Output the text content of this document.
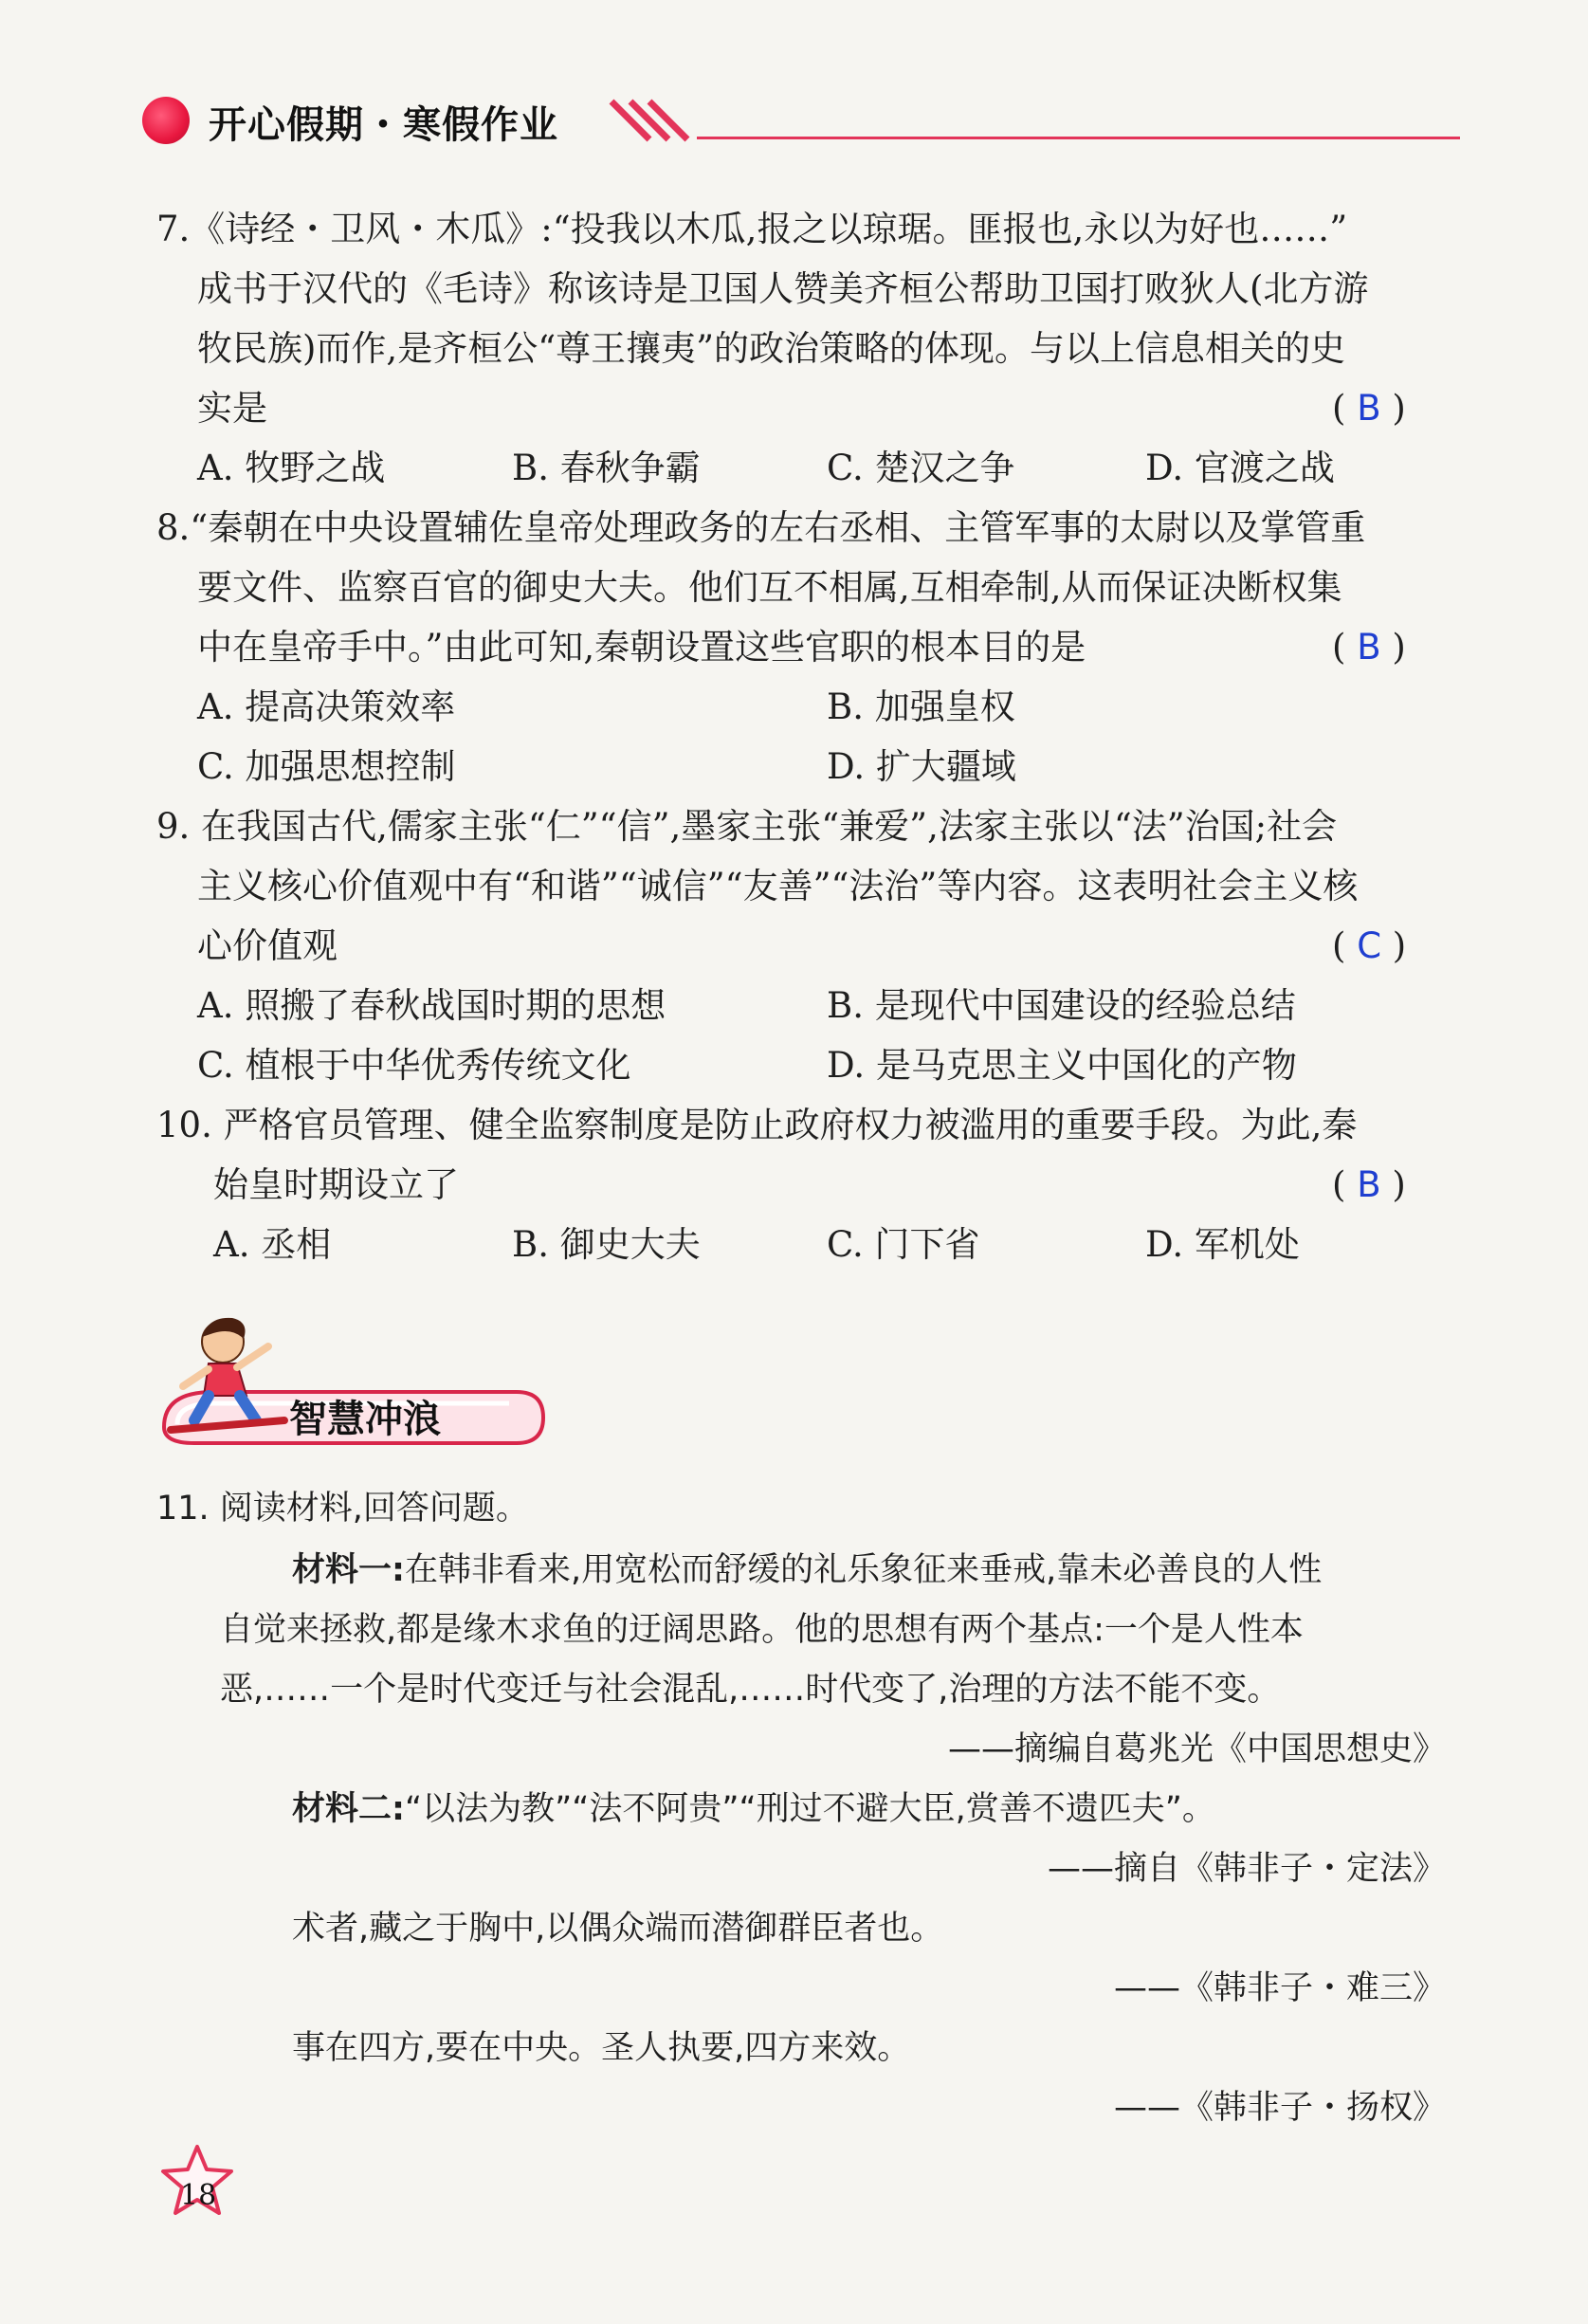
开心假期・寒假作业
7.《诗经・卫风・木瓜》:“投我以木瓜,报之以琼琚。匪报也,永以为好也……”
成书于汉代的《毛诗》称该诗是卫国人赞美齐桓公帮助卫国打败狄人(北方游
牧民族)而作,是齐桓公“尊王攘夷”的政治策略的体现。与以上信息相关的史
实是	( B )
A. 牧野之战	B. 春秋争霸	C. 楚汉之争	D. 官渡之战
8.“秦朝在中央设置辅佐皇帝处理政务的左右丞相、主管军事的太尉以及掌管重
要文件、监察百官的御史大夫。他们互不相属,互相牵制,从而保证决断权集
中在皇帝手中。”由此可知,秦朝设置这些官职的根本目的是	( B )
A. 提高决策效率	B. 加强皇权
C. 加强思想控制	D. 扩大疆域
9. 在我国古代,儒家主张“仁”“信”,墨家主张“兼爱”,法家主张以“法”治国;社会
主义核心价值观中有“和谐”“诚信”“友善”“法治”等内容。这表明社会主义核
心价值观	( C )
A. 照搬了春秋战国时期的思想	B. 是现代中国建设的经验总结
C. 植根于中华优秀传统文化	D. 是马克思主义中国化的产物
10. 严格官员管理、健全监察制度是防止政府权力被滥用的重要手段。为此,秦
始皇时期设立了	( B )
A. 丞相	B. 御史大夫	C. 门下省	D. 军机处
智慧冲浪
11. 阅读材料,回答问题。
材料一:在韩非看来,用宽松而舒缓的礼乐象征来垂戒,靠未必善良的人性
自觉来拯救,都是缘木求鱼的迂阔思路。他的思想有两个基点:一个是人性本
恶,……一个是时代变迁与社会混乱,……时代变了,治理的方法不能不变。
——摘编自葛兆光《中国思想史》
材料二:“以法为教”“法不阿贵”“刑过不避大臣,赏善不遗匹夫”。
——摘自《韩非子・定法》
术者,藏之于胸中,以偶众端而潜御群臣者也。
——《韩非子・难三》
事在四方,要在中央。圣人执要,四方来效。
——《韩非子・扬权》
18
